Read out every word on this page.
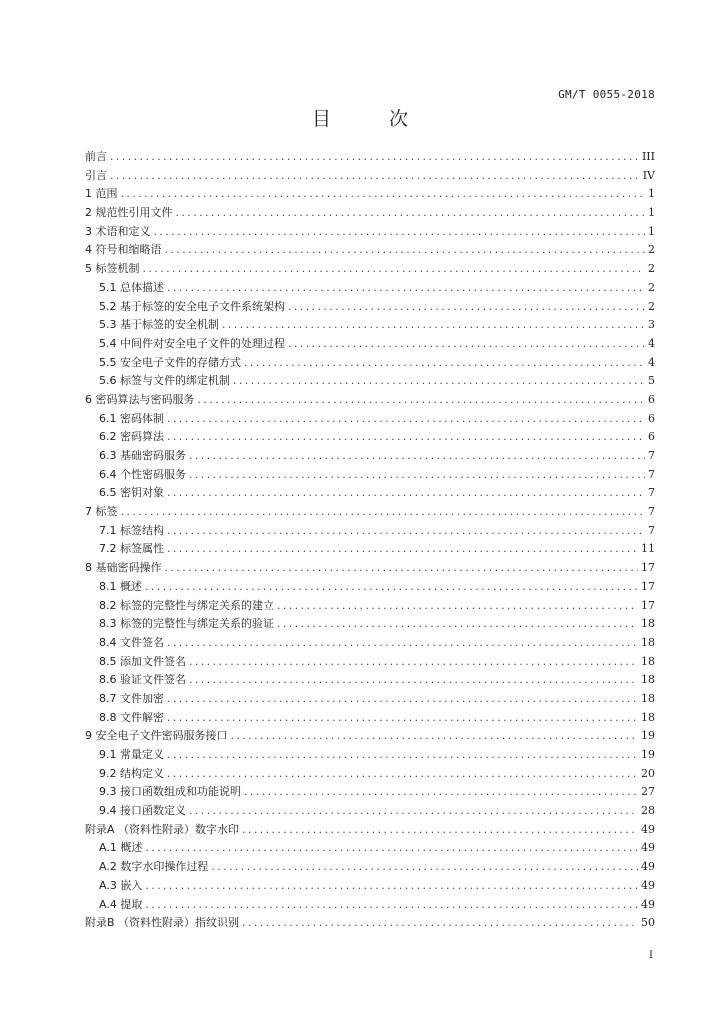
GM/T 0055-2018
目 次
前言 .....	III
引言 .....	IV
1 范围 .....	1
2 规范性引用文件 .....	1
3 术语和定义 .....	1
4 符号和缩略语 .....	2
5 标签机制 .....	2
5.1 总体描述 .....	2
5.2 基于标签的安全电子文件系统架构 .....	2
5.3 基于标签的安全机制 .....	3
5.4 中间件对安全电子文件的处理过程 .....	4
5.5 安全电子文件的存储方式 .....	4
5.6 标签与文件的绑定机制 .....	5
6 密码算法与密码服务 .....	6
6.1 密码体制 .....	6
6.2 密码算法 .....	6
6.3 基础密码服务 .....	7
6.4 个性密码服务 .....	7
6.5 密钥对象 .....	7
7 标签 .....	7
7.1 标签结构 .....	7
7.2 标签属性 .....	11
8 基础密码操作 .....	17
8.1 概述 .....	17
8.2 标签的完整性与绑定关系的建立 .....	17
8.3 标签的完整性与绑定关系的验证 .....	18
8.4 文件签名 .....	18
8.5 添加文件签名 .....	18
8.6 验证文件签名 .....	18
8.7 文件加密 .....	18
8.8 文件解密 .....	18
9 安全电子文件密码服务接口 .....	19
9.1 常量定义 .....	19
9.2 结构定义 .....	20
9.3 接口函数组成和功能说明 .....	27
9.4 接口函数定义 .....	28
附录A （资料性附录）数字水印 .....	49
A.1 概述 .....	49
A.2 数字水印操作过程 .....	49
A.3 嵌入 .....	49
A.4 提取 .....	49
附录B （资料性附录）指纹识别 .....	50
I
